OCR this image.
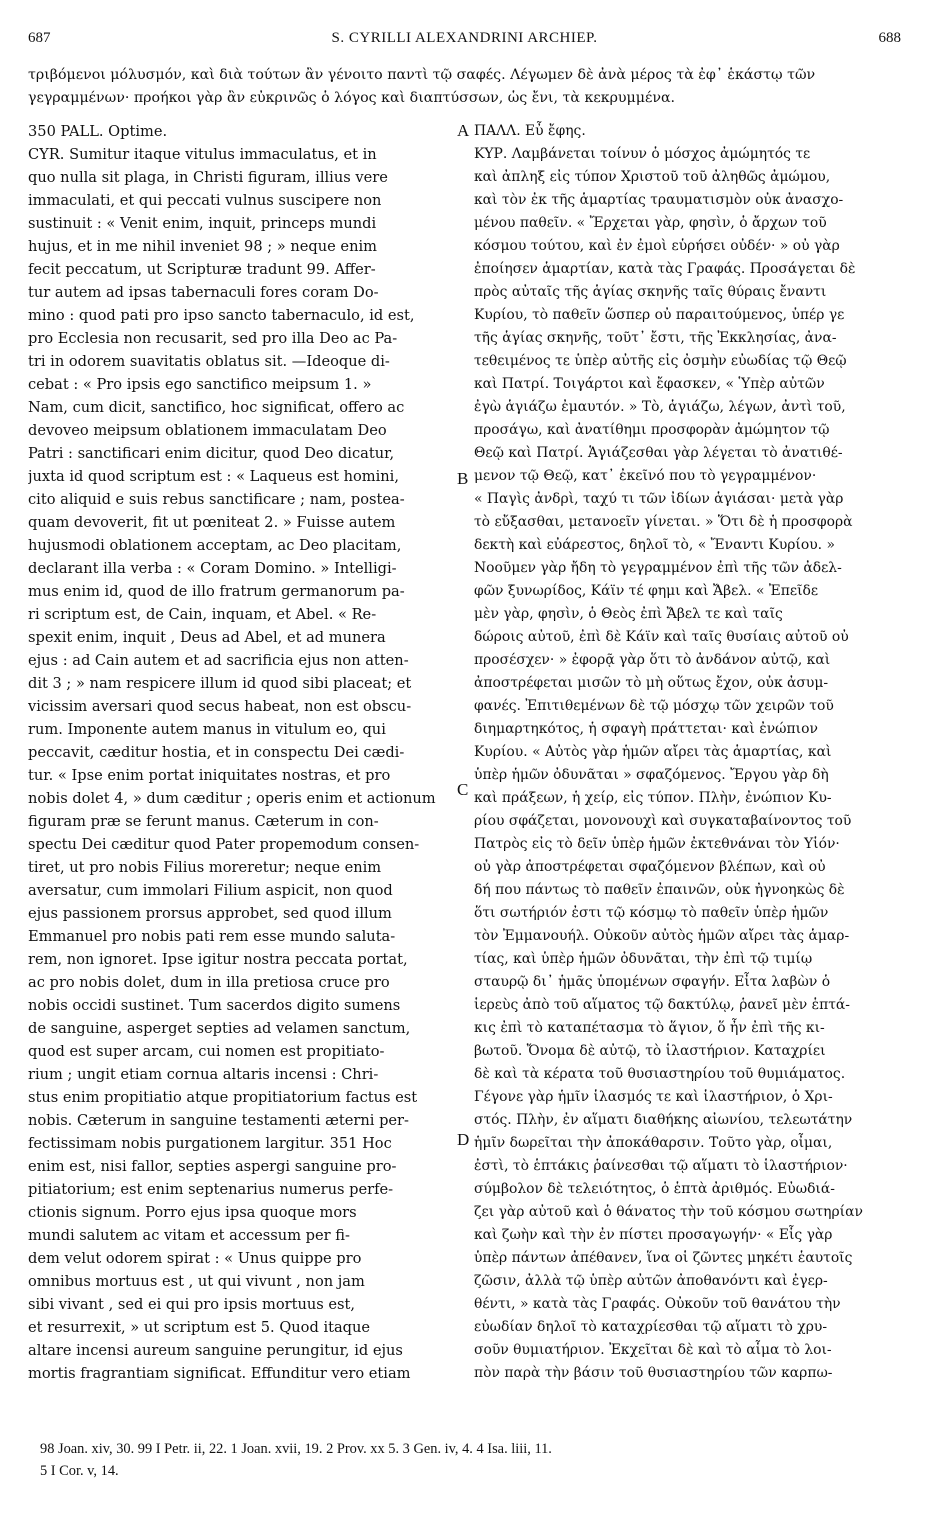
687	S. CYRILLI ALEXANDRINI ARCHIEP.	688
τριβόμενοι μόλυσμόν, καὶ διὰ τούτων ἂν γένοιτο παντὶ τῷ σαφές. Λέγωμεν δὲ ἀνὰ μέρος τὰ ἐφ᾽ ἑκάστῳ τῶν
γεγραμμένων· προήκοι γὰρ ἂν εὐκρινῶς ὁ λόγος καὶ διαπτύσσων, ὡς ἔνι, τὰ κεκρυμμένα.
350 PALL. Optime.
CYR. Sumitur itaque vitulus immaculatus, et in
quo nulla sit plaga, in Christi figuram, illius vere
immaculati, et qui peccati vulnus suscipere non
sustinuit : « Venit enim, inquit, princeps mundi
hujus, et in me nihil inveniet 98 ; » neque enim
fecit peccatum, ut Scripturæ tradunt 99. Affer-
tur autem ad ipsas tabernaculi fores coram Do-
mino : quod pati pro ipso sancto tabernaculo, id est,
pro Ecclesia non recusarit, sed pro illa Deo ac Pa-
tri in odorem suavitatis oblatus sit. —Ideoque di-
cebat : « Pro ipsis ego sanctifico meipsum 1. »
Nam, cum dicit, sanctifico, hoc significat, offero ac
devoveo meipsum oblationem immaculatam Deo
Patri : sanctificari enim dicitur, quod Deo dicatur,
juxta id quod scriptum est : « Laqueus est homini,
cito aliquid e suis rebus sanctificare ; nam, postea-
quam devoverit, fit ut pœniteat 2. » Fuisse autem
hujusmodi oblationem acceptam, ac Deo placitam,
declarant illa verba : « Coram Domino. » Intelligi-
mus enim id, quod de illo fratrum germanorum pa-
ri scriptum est, de Cain, inquam, et Abel. « Re-
spexit enim, inquit , Deus ad Abel, et ad munera
ejus : ad Cain autem et ad sacrificia ejus non atten-
dit 3 ; » nam respicere illum id quod sibi placeat; et
vicissim aversari quod secus habeat, non est obscu-
rum. Imponente autem manus in vitulum eo, qui
peccavit, cæditur hostia, et in conspectu Dei cædi-
tur. « Ipse enim portat iniquitates nostras, et pro
nobis dolet 4, » dum cæditur ; operis enim et actionum
figuram præ se ferunt manus. Cæterum in con-
spectu Dei cæditur quod Pater propemodum consen-
tiret, ut pro nobis Filius moreretur; neque enim
aversatur, cum immolari Filium aspicit, non quod
ejus passionem prorsus approbet, sed quod illum
Emmanuel pro nobis pati rem esse mundo saluta-
rem, non ignoret. Ipse igitur nostra peccata portat,
ac pro nobis dolet, dum in illa pretiosa cruce pro
nobis occidi sustinet. Tum sacerdos digito sumens
de sanguine, asperget septies ad velamen sanctum,
quod est super arcam, cui nomen est propitiato-
rium ; ungit etiam cornua altaris incensi : Chri-
stus enim propitiatio atque propitiatorium factus est
nobis. Cæterum in sanguine testamenti æterni per-
fectissimam nobis purgationem largitur. 351 Hoc
enim est, nisi fallor, septies aspergi sanguine pro-
pitiatorium; est enim septenarius numerus perfe-
ctionis signum. Porro ejus ipsa quoque mors
mundi salutem ac vitam et accessum per fi-
dem velut odorem spirat : « Unus quippe pro
omnibus mortuus est , ut qui vivunt , non jam
sibi vivant , sed ei qui pro ipsis mortuus est,
et resurrexit, » ut scriptum est 5. Quod itaque
altare incensi aureum sanguine perungitur, id ejus
mortis fragrantiam significat. Effunditur vero etiam
ΠΑΛΛ. Εὖ ἔφης.
ΚΥΡ. Λαμβάνεται τοίνυν ὁ μόσχος ἀμώμητός τε
καὶ ἀπληξ εἰς τύπον Χριστοῦ τοῦ ἀληθῶς ἀμώμου,
καὶ τὸν ἐκ τῆς ἁμαρτίας τραυματισμὸν οὐκ ἀνασχο-
μένου παθεῖν. « Ἔρχεται γὰρ, φησὶν, ὁ ἄρχων τοῦ
κόσμου τούτου, καὶ ἐν ἐμοὶ εὑρήσει οὐδέν· » οὐ γὰρ
ἐποίησεν ἁμαρτίαν, κατὰ τὰς Γραφάς. Προσάγεται δὲ
πρὸς αὐταῖς τῆς ἁγίας σκηνῆς ταῖς θύραις ἔναντι
Κυρίου, τὸ παθεῖν ὥσπερ οὐ παραιτούμενος, ὑπέρ γε
τῆς ἁγίας σκηνῆς, τοῦτ᾽ ἔστι, τῆς Ἐκκλησίας, ἀνα-
τεθειμένος τε ὑπὲρ αὐτῆς εἰς ὀσμὴν εὐωδίας τῷ Θεῷ
καὶ Πατρί. Τοιγάρτοι καὶ ἔφασκεν, « Ὑπὲρ αὐτῶν
ἐγὼ ἁγιάζω ἐμαυτόν. » Τὸ, ἁγιάζω, λέγων, ἀντὶ τοῦ,
προσάγω, καὶ ἀνατίθημι προσφορὰν ἀμώμητον τῷ
Θεῷ καὶ Πατρί. Ἁγιάζεσθαι γὰρ λέγεται τὸ ἀνατιθέ-
μενον τῷ Θεῷ, κατ᾽ ἐκεῖνό που τὸ γεγραμμένον·
« Παγὶς ἀνδρὶ, ταχύ τι τῶν ἰδίων ἁγιάσαι· μετὰ γὰρ
τὸ εὔξασθαι, μετανοεῖν γίνεται. » Ὅτι δὲ ἡ προσφορὰ
δεκτὴ καὶ εὐάρεστος, δηλοῖ τὸ, « Ἔναντι Κυρίου. »
Νοοῦμεν γὰρ ἤδη τὸ γεγραμμένον ἐπὶ τῆς τῶν ἀδελ-
φῶν ξυνωρίδος, Κάϊν τέ φημι καὶ Ἄβελ. « Ἐπεῖδε
μὲν γὰρ, φησὶν, ὁ Θεὸς ἐπὶ Ἄβελ τε καὶ ταῖς
δώροις αὐτοῦ, ἐπὶ δὲ Κάϊν καὶ ταῖς θυσίαις αὐτοῦ οὐ
προσέσχεν· » ἐφορᾷ γὰρ ὅτι τὸ ἀνδάνον αὐτῷ, καὶ
ἀποστρέφεται μισῶν τὸ μὴ οὕτως ἔχον, οὐκ ἀσυμ-
φανές. Ἐπιτιθεμένων δὲ τῷ μόσχῳ τῶν χειρῶν τοῦ
διημαρτηκότος, ἡ σφαγὴ πράττεται· καὶ ἐνώπιον
Κυρίου. « Αὐτὸς γὰρ ἡμῶν αἴρει τὰς ἁμαρτίας, καὶ
ὑπὲρ ἡμῶν ὀδυνᾶται » σφαζόμενος. Ἔργου γὰρ δὴ
καὶ πράξεων, ἡ χείρ, εἰς τύπον. Πλὴν, ἐνώπιον Κυ-
ρίου σφάζεται, μονονουχὶ καὶ συγκαταβαίνοντος τοῦ
Πατρὸς εἰς τὸ δεῖν ὑπὲρ ἡμῶν ἐκτεθνάναι τὸν Υἱόν·
οὐ γὰρ ἀποστρέφεται σφαζόμενον βλέπων, καὶ οὐ
δή που πάντως τὸ παθεῖν ἐπαινῶν, οὐκ ἠγνοηκὼς δὲ
ὅτι σωτήριόν ἐστι τῷ κόσμῳ τὸ παθεῖν ὑπὲρ ἡμῶν
τὸν Ἐμμανουήλ. Οὐκοῦν αὐτὸς ἡμῶν αἴρει τὰς ἁμαρ-
τίας, καὶ ὑπὲρ ἡμῶν ὀδυνᾶται, τὴν ἐπὶ τῷ τιμίῳ
σταυρῷ δι᾽ ἡμᾶς ὑπομένων σφαγήν. Εἶτα λαβὼν ὁ
ἱερεὺς ἀπὸ τοῦ αἵματος τῷ δακτύλῳ, ῥανεῖ μὲν ἑπτά-
κις ἐπὶ τὸ καταπέτασμα τὸ ἅγιον, ὅ ἦν ἐπὶ τῆς κι-
βωτοῦ. Ὄνομα δὲ αὐτῷ, τὸ ἱλαστήριον. Καταχρίει
δὲ καὶ τὰ κέρατα τοῦ θυσιαστηρίου τοῦ θυμιάματος.
Γέγονε γὰρ ἡμῖν ἱλασμός τε καὶ ἱλαστήριον, ὁ Χρι-
στός. Πλὴν, ἐν αἵματι διαθήκης αἰωνίου, τελεωτάτην
ἡμῖν δωρεῖται τὴν ἀποκάθαρσιν. Τοῦτο γὰρ, οἶμαι,
ἐστὶ, τὸ ἑπτάκις ῥαίνεσθαι τῷ αἵματι τὸ ἱλαστήριον·
σύμβολον δὲ τελειότητος, ὁ ἑπτὰ ἀριθμός. Εὐωδιά-
ζει γὰρ αὐτοῦ καὶ ὁ θάνατος τὴν τοῦ κόσμου σωτηρίαν
καὶ ζωὴν καὶ τὴν ἐν πίστει προσαγωγήν· « Εἷς γὰρ
ὑπὲρ πάντων ἀπέθανεν, ἵνα οἱ ζῶντες μηκέτι ἑαυτοῖς
ζῶσιν, ἀλλὰ τῷ ὑπὲρ αὐτῶν ἀποθανόντι καὶ ἐγερ-
θέντι, » κατὰ τὰς Γραφάς. Οὐκοῦν τοῦ θανάτου τὴν
εὐωδίαν δηλοῖ τὸ καταχρίεσθαι τῷ αἵματι τὸ χρυ-
σοῦν θυμιατήριον. Ἐκχεῖται δὲ καὶ τὸ αἷμα τὸ λοι-
πὸν παρὰ τὴν βάσιν τοῦ θυσιαστηρίου τῶν καρπω-
A
B
C
D
98 Joan. xiv, 30. 99 I Petr. ii, 22. 1 Joan. xvii, 19. 2 Prov. xx 5. 3 Gen. iv, 4. 4 Isa. liii, 11.
5 I Cor. v, 14.
